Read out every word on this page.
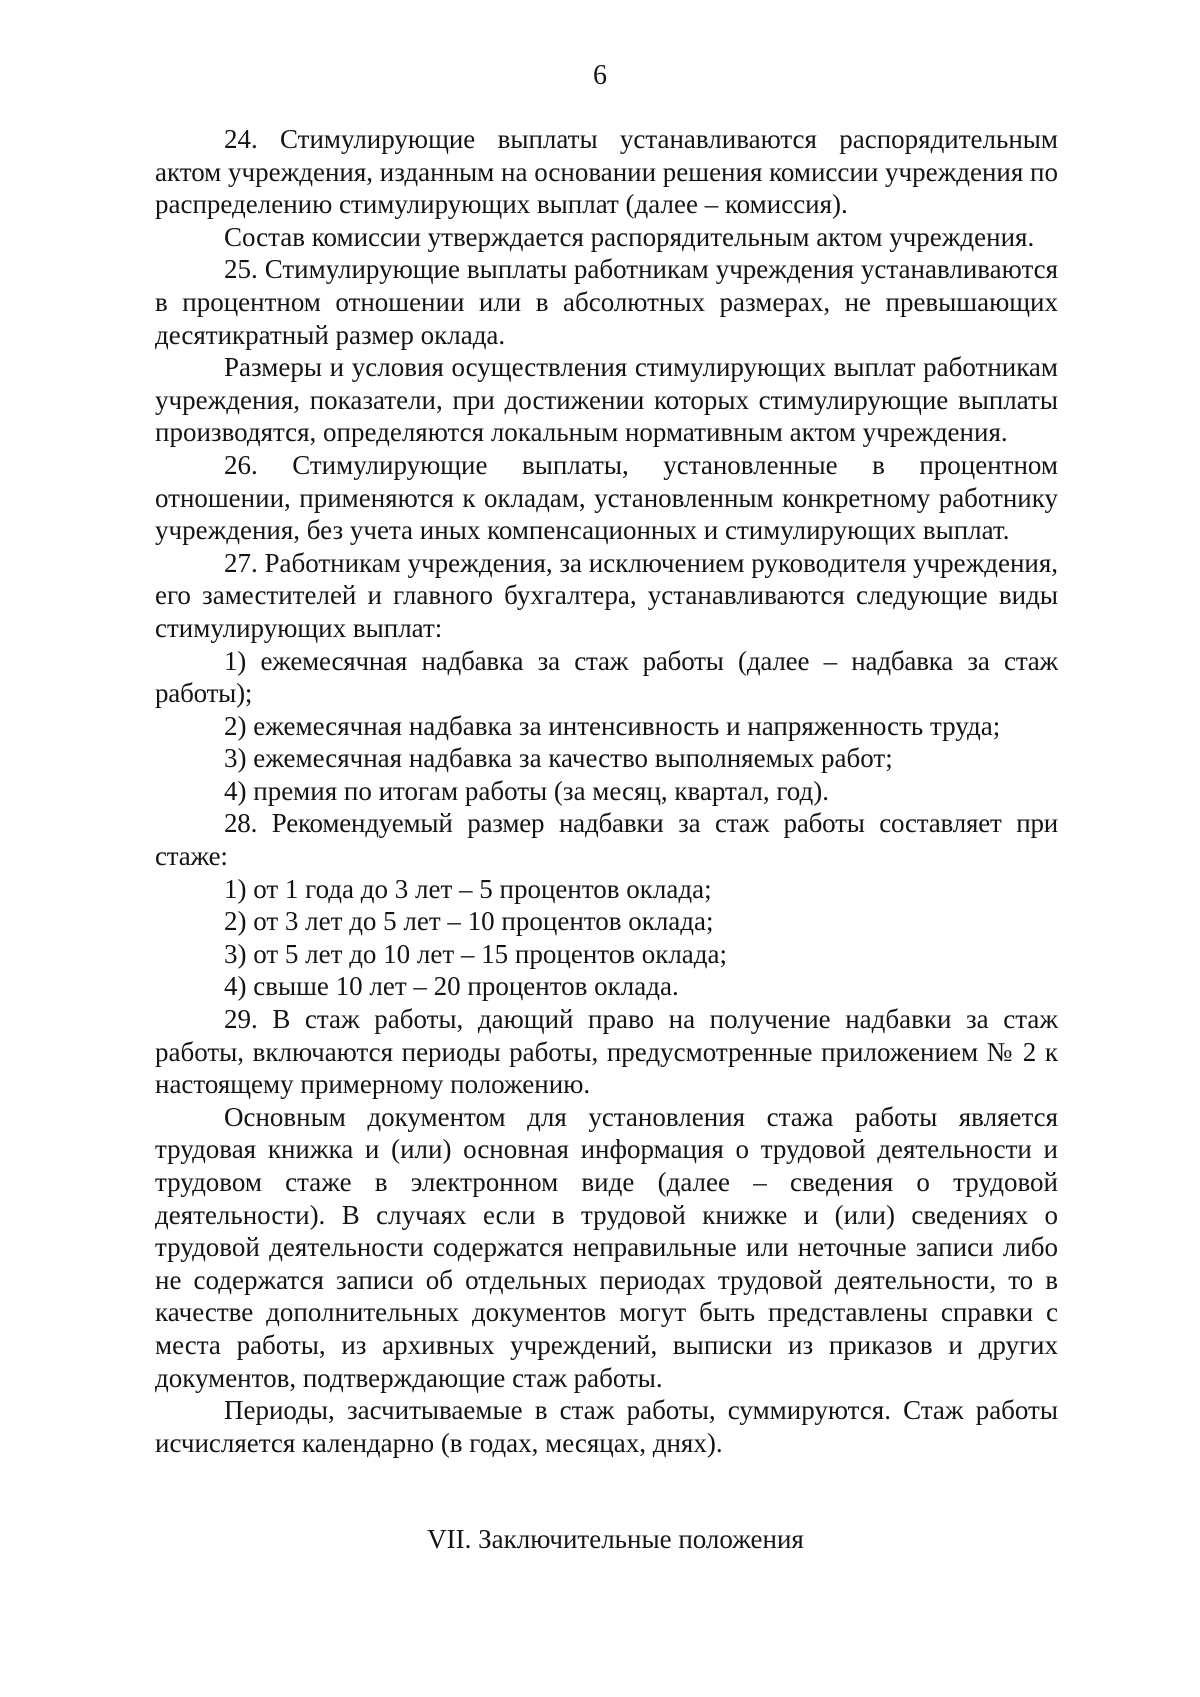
6

24. Стимулирующие выплаты устанавливаются распорядительным актом учреждения, изданным на основании решения комиссии учреждения по распределению стимулирующих выплат (далее – комиссия).

Состав комиссии утверждается распорядительным актом учреждения.

25. Стимулирующие выплаты работникам учреждения устанавливаются в процентном отношении или в абсолютных размерах, не превышающих десятикратный размер оклада.

Размеры и условия осуществления стимулирующих выплат работникам учреждения, показатели, при достижении которых стимулирующие выплаты производятся, определяются локальным нормативным актом учреждения.

26. Стимулирующие выплаты, установленные в процентном отношении, применяются к окладам, установленным конкретному работнику учреждения, без учета иных компенсационных и стимулирующих выплат.

27. Работникам учреждения, за исключением руководителя учреждения, его заместителей и главного бухгалтера, устанавливаются следующие виды стимулирующих выплат:

1) ежемесячная надбавка за стаж работы (далее – надбавка за стаж работы);

2) ежемесячная надбавка за интенсивность и напряженность труда;

3) ежемесячная надбавка за качество выполняемых работ;

4) премия по итогам работы (за месяц, квартал, год).

28. Рекомендуемый размер надбавки за стаж работы составляет при стаже:

1) от 1 года до 3 лет – 5 процентов оклада;

2) от 3 лет до 5 лет – 10 процентов оклада;

3) от 5 лет до 10 лет – 15 процентов оклада;

4) свыше 10 лет – 20 процентов оклада.

29. В стаж работы, дающий право на получение надбавки за стаж работы, включаются периоды работы, предусмотренные приложением № 2 к настоящему примерному положению.

Основным документом для установления стажа работы является трудовая книжка и (или) основная информация о трудовой деятельности и трудовом стаже в электронном виде (далее – сведения о трудовой деятельности). В случаях если в трудовой книжке и (или) сведениях о трудовой деятельности содержатся неправильные или неточные записи либо не содержатся записи об отдельных периодах трудовой деятельности, то в качестве дополнительных документов могут быть представлены справки с места работы, из архивных учреждений, выписки из приказов и других документов, подтверждающие стаж работы.

Периоды, засчитываемые в стаж работы, суммируются. Стаж работы исчисляется календарно (в годах, месяцах, днях).

VII. Заключительные положения
